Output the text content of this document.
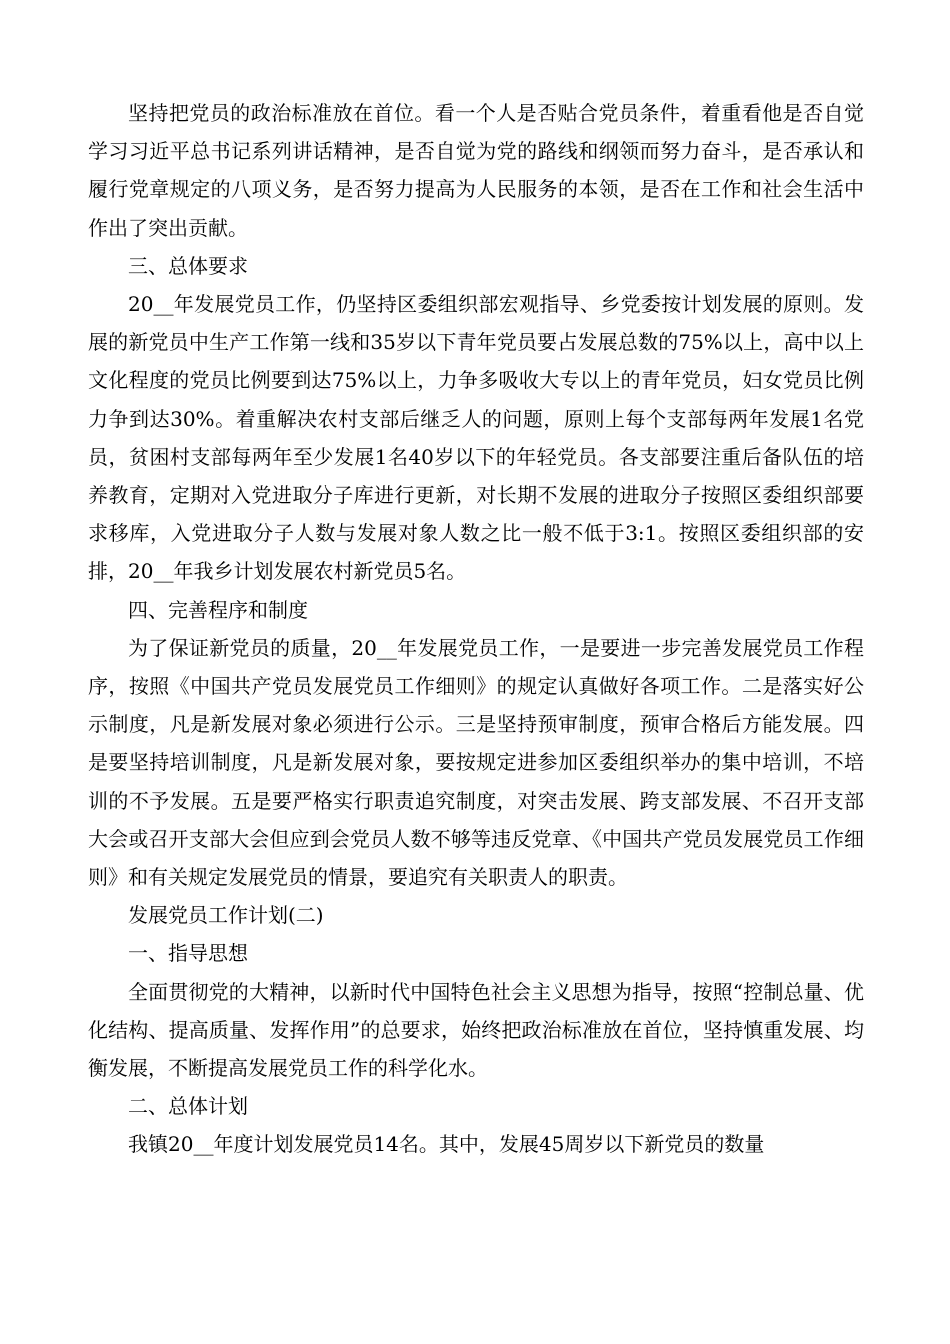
坚持把党员的政治标准放在首位。看一个人是否贴合党员条件，着重看他是否自觉学习习近平总书记系列讲话精神，是否自觉为党的路线和纲领而努力奋斗，是否承认和履行党章规定的八项义务，是否努力提高为人民服务的本领，是否在工作和社会生活中作出了突出贡献。

三、总体要求

20__年发展党员工作，仍坚持区委组织部宏观指导、乡党委按计划发展的原则。发展的新党员中生产工作第一线和35岁以下青年党员要占发展总数的75%以上，高中以上文化程度的党员比例要到达75%以上，力争多吸收大专以上的青年党员，妇女党员比例力争到达30%。着重解决农村支部后继乏人的问题，原则上每个支部每两年发展1名党员，贫困村支部每两年至少发展1名40岁以下的年轻党员。各支部要注重后备队伍的培养教育，定期对入党进取分子库进行更新，对长期不发展的进取分子按照区委组织部要求移库，入党进取分子人数与发展对象人数之比一般不低于3:1。按照区委组织部的安排，20__年我乡计划发展农村新党员5名。

四、完善程序和制度

为了保证新党员的质量，20__年发展党员工作，一是要进一步完善发展党员工作程序，按照《中国共产党员发展党员工作细则》的规定认真做好各项工作。二是落实好公示制度，凡是新发展对象必须进行公示。三是坚持预审制度，预审合格后方能发展。四是要坚持培训制度，凡是新发展对象，要按规定进参加区委组织举办的集中培训，不培训的不予发展。五是要严格实行职责追究制度，对突击发展、跨支部发展、不召开支部大会或召开支部大会但应到会党员人数不够等违反党章、《中国共产党员发展党员工作细则》和有关规定发展党员的情景，要追究有关职责人的职责。

发展党员工作计划(二)

一、指导思想

全面贯彻党的大精神，以新时代中国特色社会主义思想为指导，按照“控制总量、优化结构、提高质量、发挥作用”的总要求，始终把政治标准放在首位，坚持慎重发展、均衡发展，不断提高发展党员工作的科学化水。

二、总体计划

我镇20__年度计划发展党员14名。其中，发展45周岁以下新党员的数量
